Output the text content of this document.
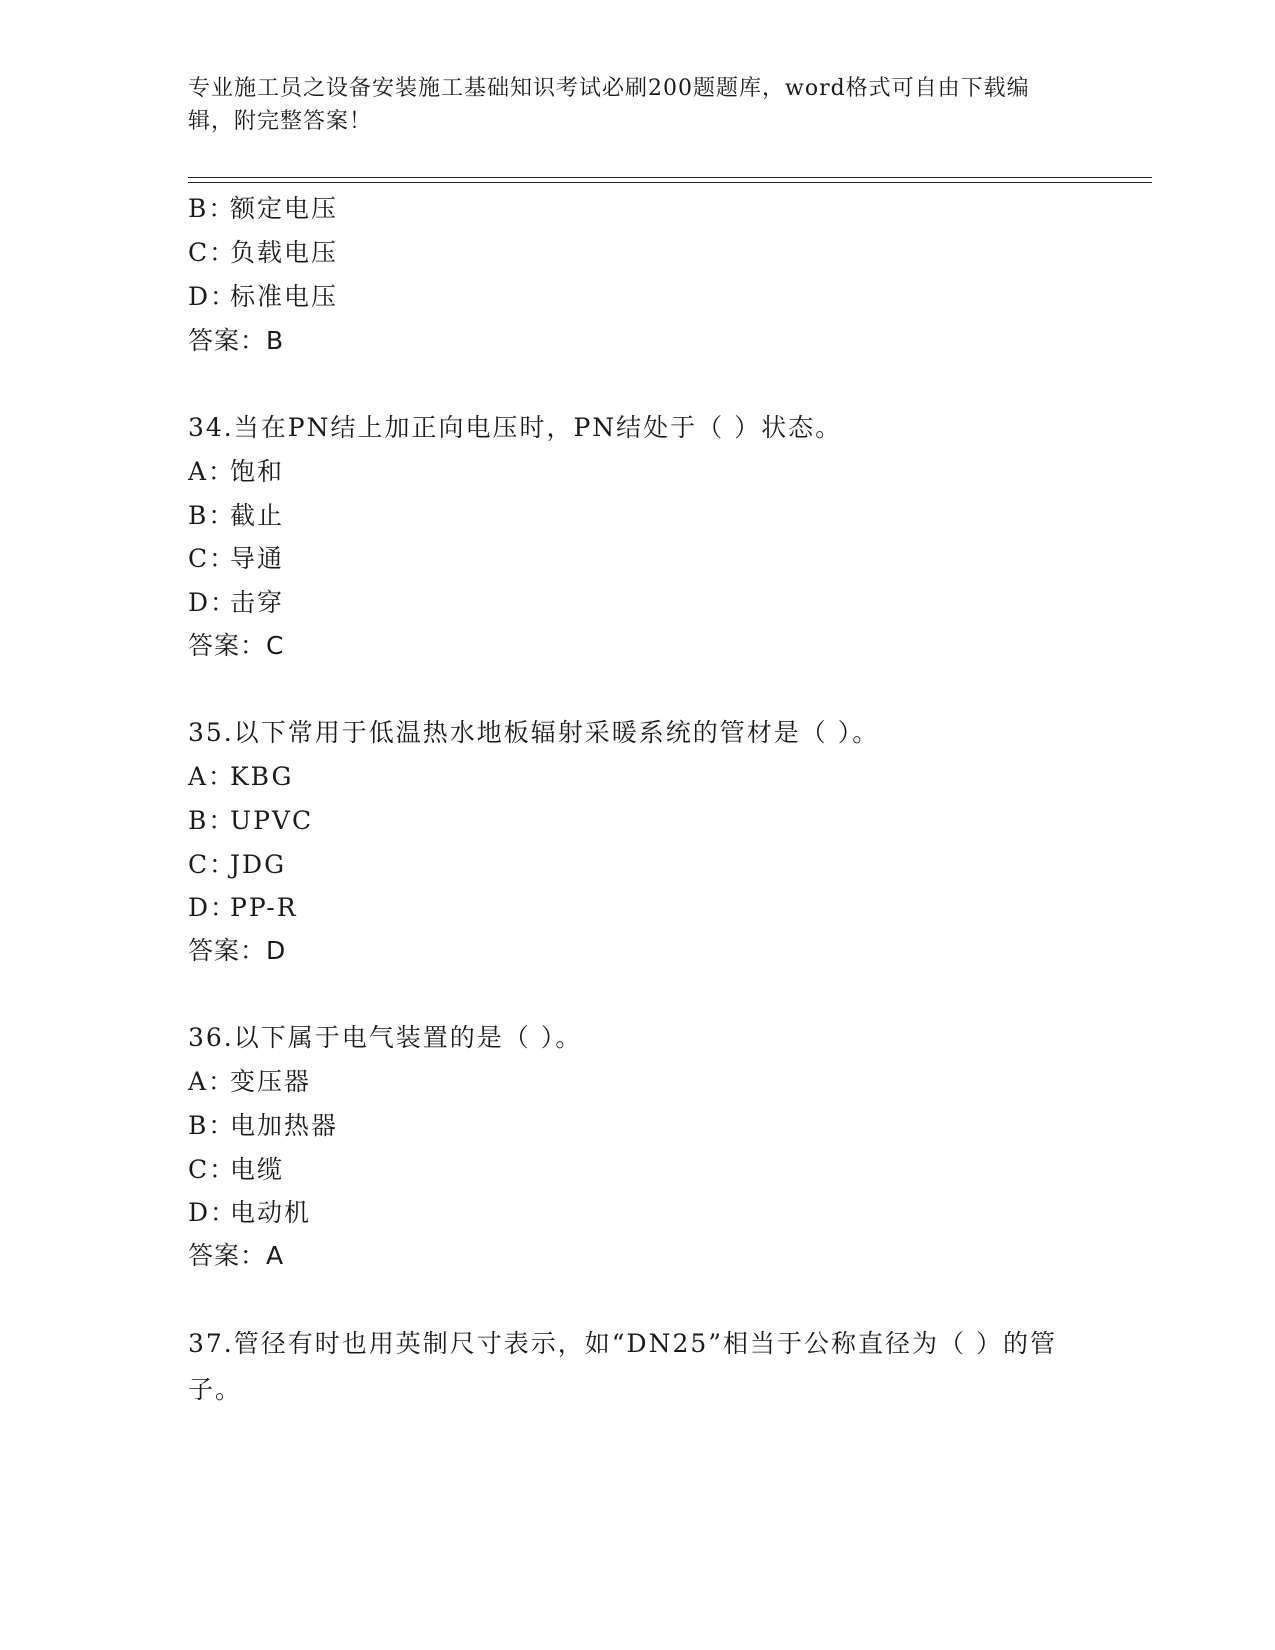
专业施工员之设备安装施工基础知识考试必刷200题题库，word格式可自由下载编辑，附完整答案！
B：额定电压
C：负载电压
D：标准电压
答案：B
34.当在PN结上加正向电压时，PN结处于（ ）状态。
A：饱和
B：截止
C：导通
D：击穿
答案：C
35.以下常用于低温热水地板辐射采暖系统的管材是（ ）。
A：KBG
B：UPVC
C：JDG
D：PP-R
答案：D
36.以下属于电气装置的是（ ）。
A：变压器
B：电加热器
C：电缆
D：电动机
答案：A
37.管径有时也用英制尺寸表示，如“DN25”相当于公称直径为（ ）的管子。
